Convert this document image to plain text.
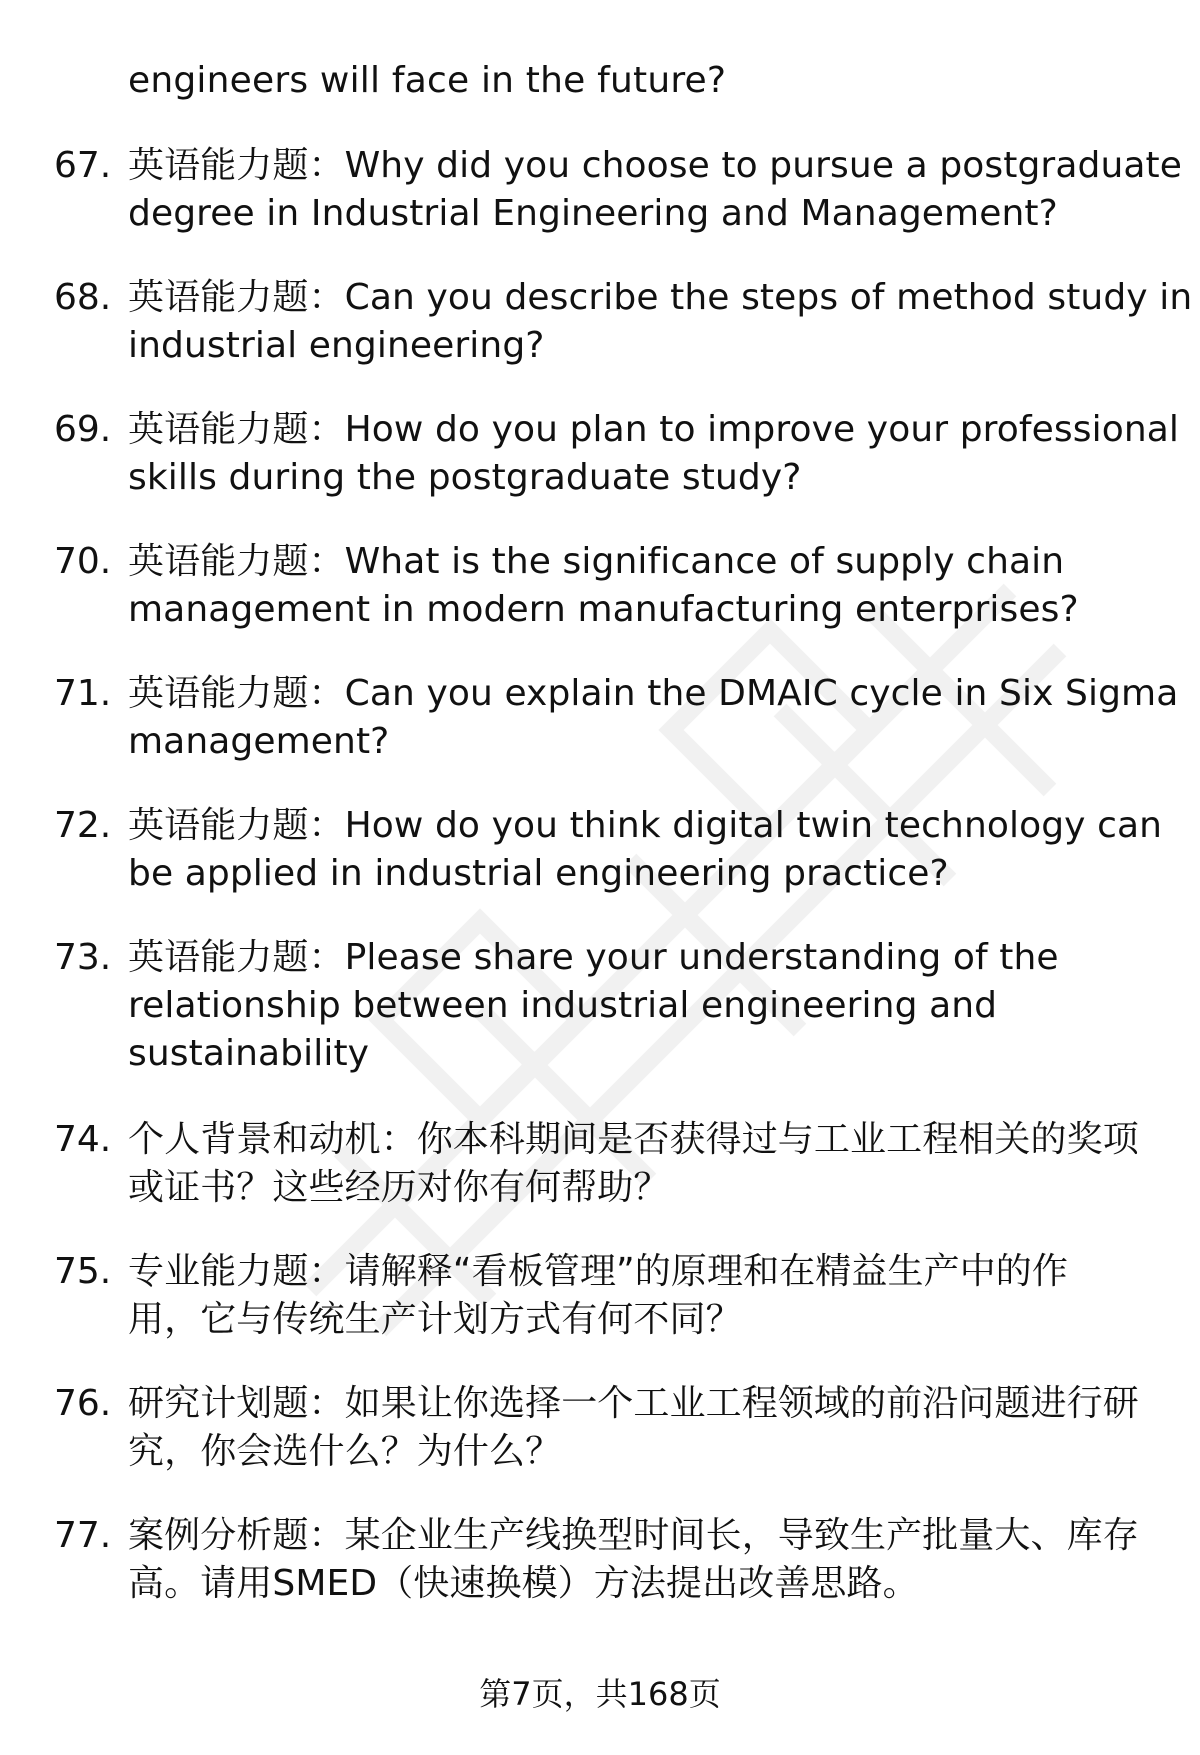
engineers will face in the future?
67. 英语能力题：Why did you choose to pursue a postgraduate
degree in Industrial Engineering and Management?
68. 英语能力题：Can you describe the steps of method study in
industrial engineering?
69. 英语能力题：How do you plan to improve your professional
skills during the postgraduate study?
70. 英语能力题：What is the significance of supply chain
management in modern manufacturing enterprises?
71. 英语能力题：Can you explain the DMAIC cycle in Six Sigma
management?
72. 英语能力题：How do you think digital twin technology can
be applied in industrial engineering practice?
73. 英语能力题：Please share your understanding of the
relationship between industrial engineering and
sustainability
74. 个人背景和动机：你本科期间是否获得过与工业工程相关的奖项
或证书？这些经历对你有何帮助？
75. 专业能力题：请解释“看板管理”的原理和在精益生产中的作
用，它与传统生产计划方式有何不同？
76. 研究计划题：如果让你选择一个工业工程领域的前沿问题进行研
究，你会选什么？为什么？
77. 案例分析题：某企业生产线换型时间长，导致生产批量大、库存
高。请用SMED（快速换模）方法提出改善思路。
第7页，共168页
